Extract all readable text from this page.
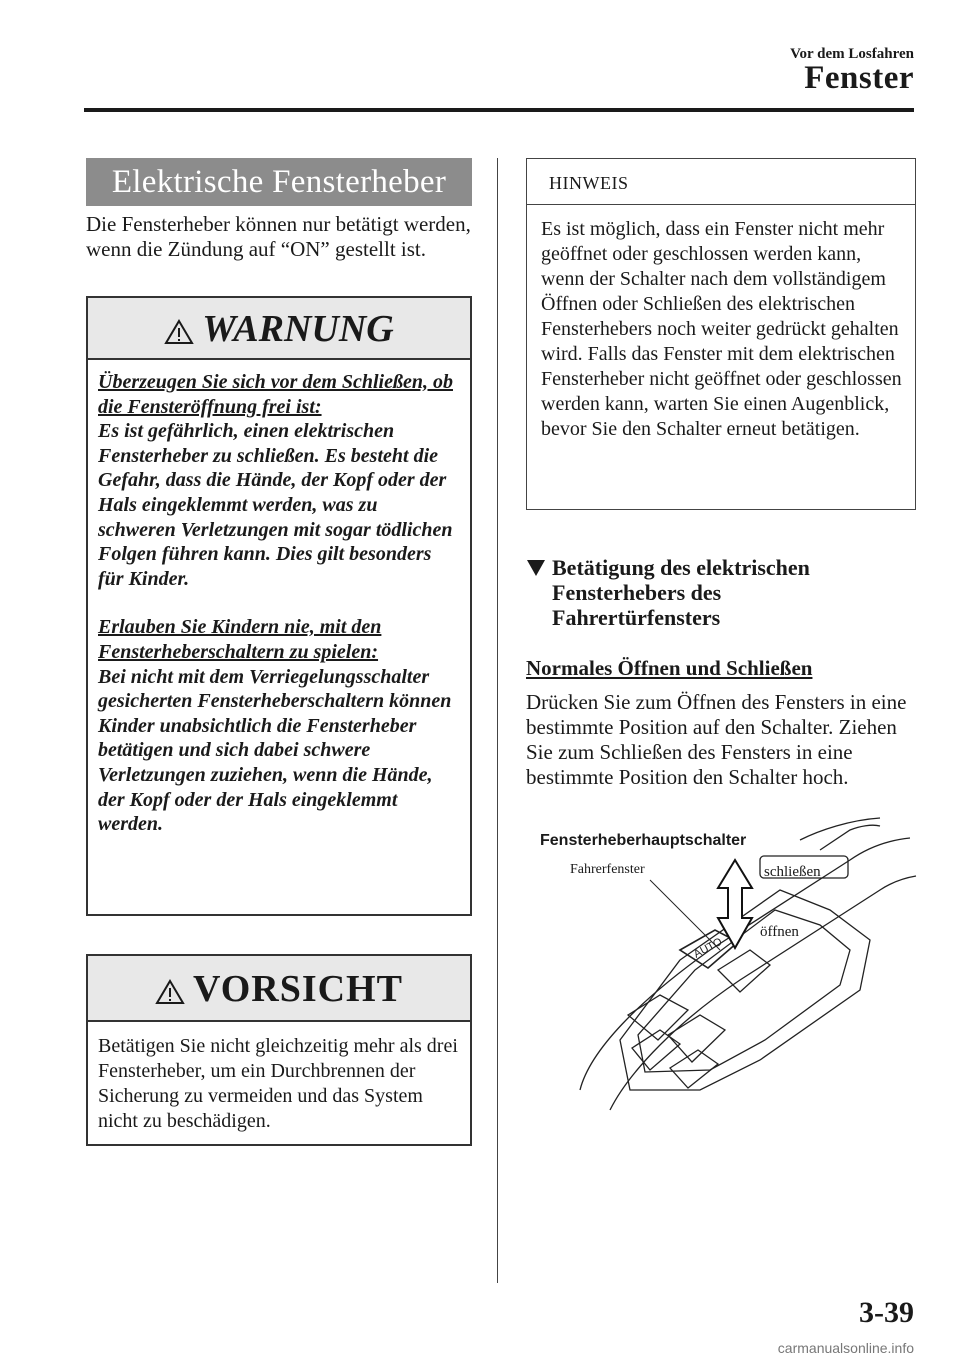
Vor dem Losfahren
Fenster
Elektrische Fensterheber
Die Fensterheber können nur betätigt werden, wenn die Zündung auf “ON” gestellt ist.
WARNUNG
Überzeugen Sie sich vor dem Schließen, ob die Fensteröffnung frei ist:
Es ist gefährlich, einen elektrischen Fensterheber zu schließen. Es besteht die Gefahr, dass die Hände, der Kopf oder der Hals eingeklemmt werden, was zu schweren Verletzungen mit sogar tödlichen Folgen führen kann. Dies gilt besonders für Kinder.
Erlauben Sie Kindern nie, mit den Fensterheberschaltern zu spielen:
Bei nicht mit dem Verriegelungsschalter gesicherten Fensterheberschaltern können Kinder unabsichtlich die Fensterheber betätigen und sich dabei schwere Verletzungen zuziehen, wenn die Hände, der Kopf oder der Hals eingeklemmt werden.
VORSICHT
Betätigen Sie nicht gleichzeitig mehr als drei Fensterheber, um ein Durchbrennen der Sicherung zu vermeiden und das System nicht zu beschädigen.
HINWEIS
Es ist möglich, dass ein Fenster nicht mehr geöffnet oder geschlossen werden kann, wenn der Schalter nach dem vollständigem Öffnen oder Schließen des elektrischen Fensterhebers noch weiter gedrückt gehalten wird. Falls das Fenster mit dem elektrischen Fensterheber nicht geöffnet oder geschlossen werden kann, warten Sie einen Augenblick, bevor Sie den Schalter erneut betätigen.
Betätigung des elektrischen Fensterhebers des Fahrertürfensters
Normales Öffnen und Schließen
Drücken Sie zum Öffnen des Fensters in eine bestimmte Position auf den Schalter. Ziehen Sie zum Schließen des Fensters in eine bestimmte Position den Schalter hoch.
AUTO
Fensterheberhauptschalter
Fahrerfenster	schließen
öffnen
3-39
carmanualsonline.info
